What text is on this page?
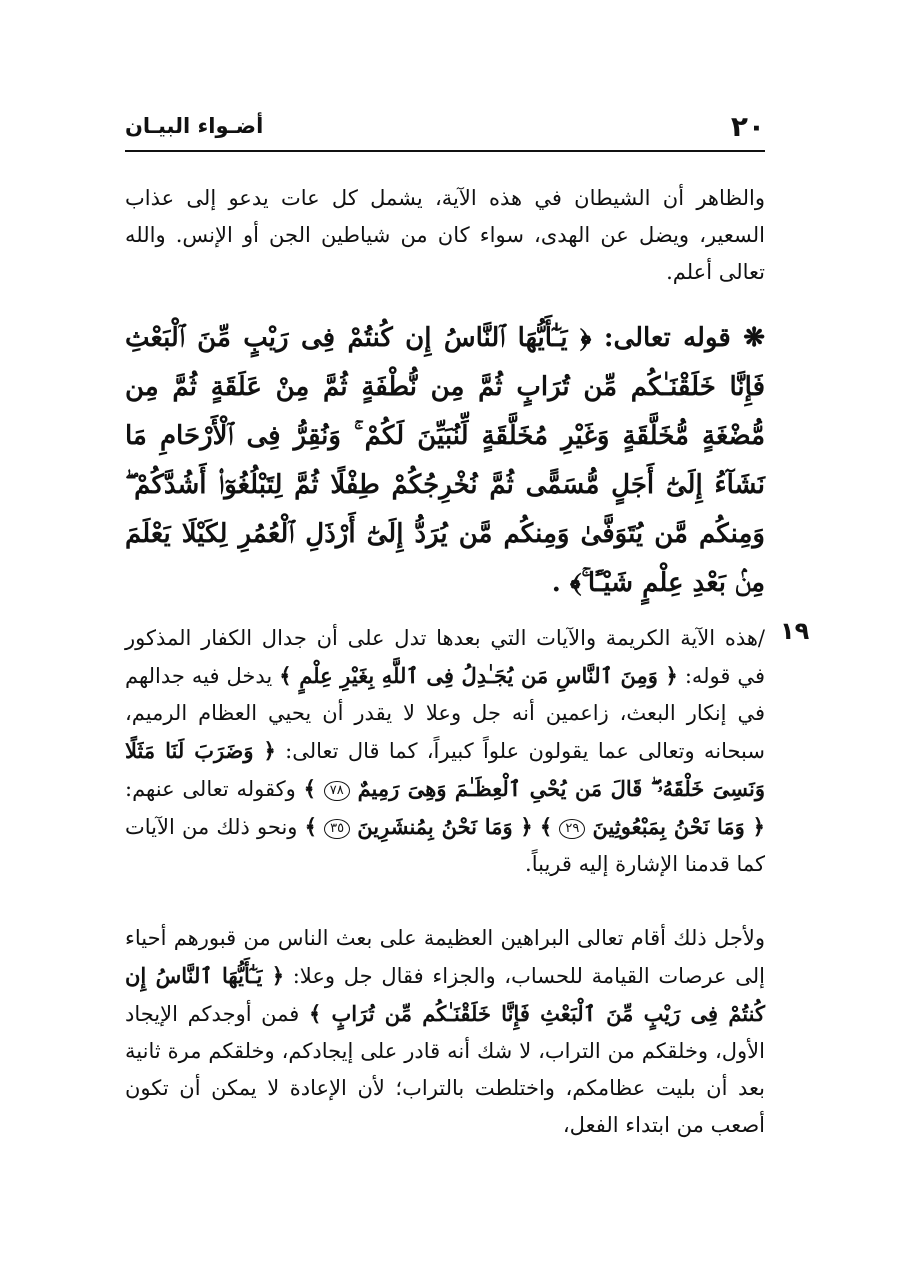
٢٠
أضـواء البيـان

والظاهر أن الشيطان في هذه الآية، يشمل كل عات يدعو إلى عذاب السعير، ويضل عن الهدى، سواء كان من شياطين الجن أو الإنس. والله تعالى أعلم.

❋ قوله تعالى: ﴿ يَـٰٓأَيُّهَا ٱلنَّاسُ إِن كُنتُمْ فِى رَيْبٍ مِّنَ ٱلْبَعْثِ فَإِنَّا خَلَقْنَـٰكُم مِّن تُرَابٍ ثُمَّ مِن نُّطْفَةٍ ثُمَّ مِنْ عَلَقَةٍ ثُمَّ مِن مُّضْغَةٍ مُّخَلَّقَةٍ وَغَيْرِ مُخَلَّقَةٍ لِّنُبَيِّنَ لَكُمْ ۚ وَنُقِرُّ فِى ٱلْأَرْحَامِ مَا نَشَآءُ إِلَىٰٓ أَجَلٍ مُّسَمًّى ثُمَّ نُخْرِجُكُمْ طِفْلًا ثُمَّ لِتَبْلُغُوٓا۟ أَشُدَّكُمْ ۖ وَمِنكُم مَّن يُتَوَفَّىٰ وَمِنكُم مَّن يُرَدُّ إِلَىٰٓ أَرْذَلِ ٱلْعُمُرِ لِكَيْلَا يَعْلَمَ مِنۢ بَعْدِ عِلْمٍ شَيْـًٔا ۚ﴾ .
١٩

/هذه الآية الكريمة والآيات التي بعدها تدل على أن جدال الكفار المذكور في قوله: ﴿ وَمِنَ ٱلنَّاسِ مَن يُجَـٰدِلُ فِى ٱللَّهِ بِغَيْرِ عِلْمٍ ﴾ يدخل فيه جدالهم في إنكار البعث، زاعمين أنه جل وعلا لا يقدر أن يحيي العظام الرميم، سبحانه وتعالى عما يقولون علواً كبيراً، كما قال تعالى: ﴿ وَضَرَبَ لَنَا مَثَلًا وَنَسِىَ خَلْقَهُۥ ۖ قَالَ مَن يُحْىِ ٱلْعِظَـٰمَ وَهِىَ رَمِيمٌ ٧٨ ﴾ وكقوله تعالى عنهم: ﴿ وَمَا نَحْنُ بِمَبْعُوثِينَ ٢٩ ﴾ ﴿ وَمَا نَحْنُ بِمُنشَرِينَ ٣٥ ﴾ ونحو ذلك من الآيات كما قدمنا الإشارة إليه قريباً.

ولأجل ذلك أقام تعالى البراهين العظيمة على بعث الناس من قبورهم أحياء إلى عرصات القيامة للحساب، والجزاء فقال جل وعلا: ﴿ يَـٰٓأَيُّهَا ٱلنَّاسُ إِن كُنتُمْ فِى رَيْبٍ مِّنَ ٱلْبَعْثِ فَإِنَّا خَلَقْنَـٰكُم مِّن تُرَابٍ ﴾ فمن أوجدكم الإيجاد الأول، وخلقكم من التراب، لا شك أنه قادر على إيجادكم، وخلقكم مرة ثانية بعد أن بليت عظامكم، واختلطت بالتراب؛ لأن الإعادة لا يمكن أن تكون أصعب من ابتداء الفعل،
